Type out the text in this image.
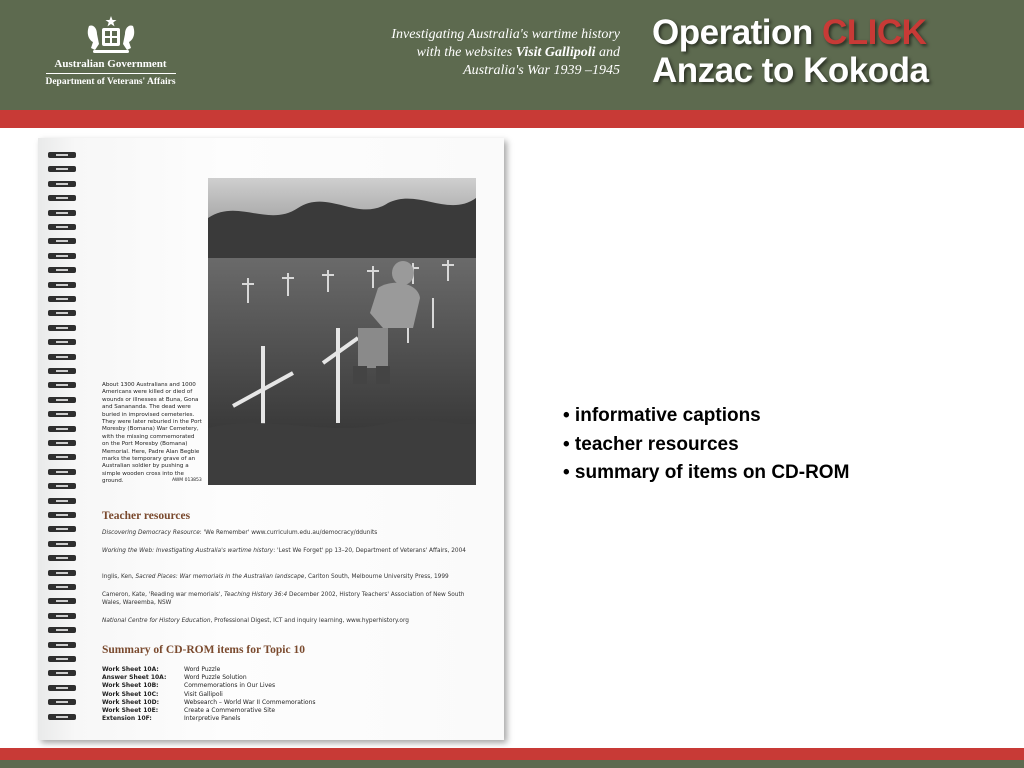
Australian Government
Department of Veterans' Affairs
Investigating Australia's wartime history
with the websites Visit Gallipoli and
Australia's War 1939 –1945
Operation CLICK
Anzac to Kokoda
About 1300 Australians and 1000 Americans were killed or died of wounds or illnesses at Buna, Gona and Sanananda. The dead were buried in improvised cemeteries. They were later reburied in the Port Moresby (Bomana) War Cemetery, with the missing commemorated on the Port Moresby (Bomana) Memorial. Here, Padre Alan Begbie marks the temporary grave of an Australian soldier by pushing a simple wooden cross into the ground.	AWM 013853
Teacher resources
Discovering Democracy Resource: 'We Remember' www.curriculum.edu.au/democracy/ddunits
Working the Web: Investigating Australia's wartime history: 'Lest We Forget' pp 13–20, Department of Veterans' Affairs, 2004
Inglis, Ken, Sacred Places: War memorials in the Australian landscape, Carlton South, Melbourne University Press, 1999
Cameron, Kate, 'Reading war memorials', Teaching History 36:4 December 2002, History Teachers' Association of New South Wales, Wareemba, NSW
National Centre for History Education, Professional Digest, ICT and inquiry learning, www.hyperhistory.org
Summary of CD-ROM items for Topic 10
Work Sheet 10A:	Word Puzzle
Answer Sheet 10A:	Word Puzzle Solution
Work Sheet 10B:	Commemorations in Our Lives
Work Sheet 10C:	Visit Gallipoli
Work Sheet 10D:	Websearch – World War II Commemorations
Work Sheet 10E:	Create a Commemorative Site
Extension 10F:	Interpretive Panels
• informative captions
• teacher resources
• summary of items on CD-ROM
